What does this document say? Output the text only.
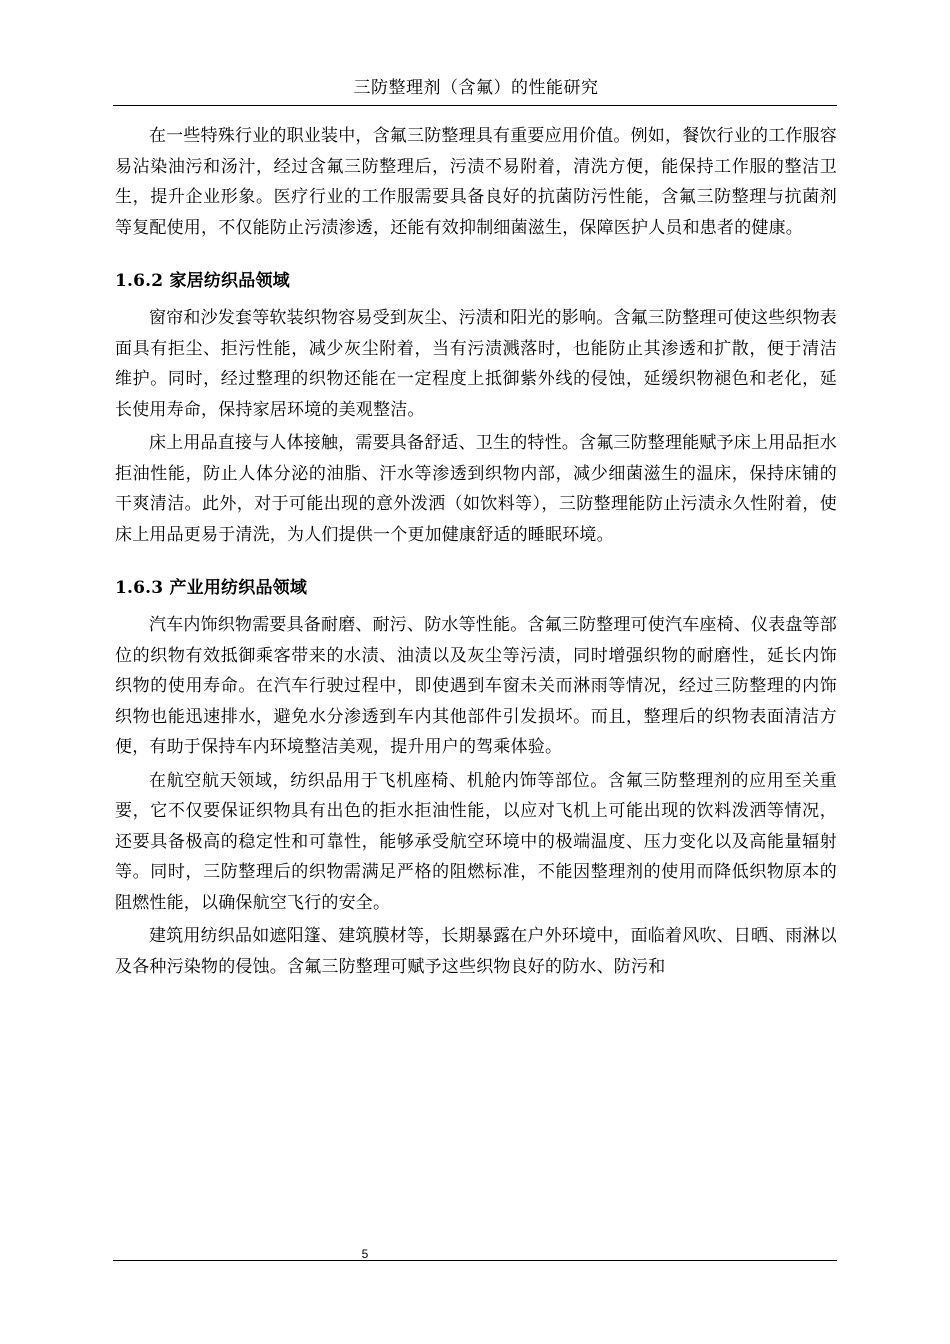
三防整理剂（含氟）的性能研究

在一些特殊行业的职业装中，含氟三防整理具有重要应用价值。例如，餐饮行业的工作服容易沾染油污和汤汁，经过含氟三防整理后，污渍不易附着，清洗方便，能保持工作服的整洁卫生，提升企业形象。医疗行业的工作服需要具备良好的抗菌防污性能，含氟三防整理与抗菌剂等复配使用，不仅能防止污渍渗透，还能有效抑制细菌滋生，保障医护人员和患者的健康。

1.6.2 家居纺织品领域

窗帘和沙发套等软装织物容易受到灰尘、污渍和阳光的影响。含氟三防整理可使这些织物表面具有拒尘、拒污性能，减少灰尘附着，当有污渍溅落时，也能防止其渗透和扩散，便于清洁维护。同时，经过整理的织物还能在一定程度上抵御紫外线的侵蚀，延缓织物褪色和老化，延长使用寿命，保持家居环境的美观整洁。

床上用品直接与人体接触，需要具备舒适、卫生的特性。含氟三防整理能赋予床上用品拒水拒油性能，防止人体分泌的油脂、汗水等渗透到织物内部，减少细菌滋生的温床，保持床铺的干爽清洁。此外，对于可能出现的意外泼洒（如饮料等），三防整理能防止污渍永久性附着，使床上用品更易于清洗，为人们提供一个更加健康舒适的睡眠环境。

1.6.3 产业用纺织品领域

汽车内饰织物需要具备耐磨、耐污、防水等性能。含氟三防整理可使汽车座椅、仪表盘等部位的织物有效抵御乘客带来的水渍、油渍以及灰尘等污渍，同时增强织物的耐磨性，延长内饰织物的使用寿命。在汽车行驶过程中，即使遇到车窗未关而淋雨等情况，经过三防整理的内饰织物也能迅速排水，避免水分渗透到车内其他部件引发损坏。而且，整理后的织物表面清洁方便，有助于保持车内环境整洁美观，提升用户的驾乘体验。

在航空航天领域，纺织品用于飞机座椅、机舱内饰等部位。含氟三防整理剂的应用至关重要，它不仅要保证织物具有出色的拒水拒油性能，以应对飞机上可能出现的饮料泼洒等情况，还要具备极高的稳定性和可靠性，能够承受航空环境中的极端温度、压力变化以及高能量辐射等。同时，三防整理后的织物需满足严格的阻燃标准，不能因整理剂的使用而降低织物原本的阻燃性能，以确保航空飞行的安全。

建筑用纺织品如遮阳篷、建筑膜材等，长期暴露在户外环境中，面临着风吹、日晒、雨淋以及各种污染物的侵蚀。含氟三防整理可赋予这些织物良好的防水、防污和

5
